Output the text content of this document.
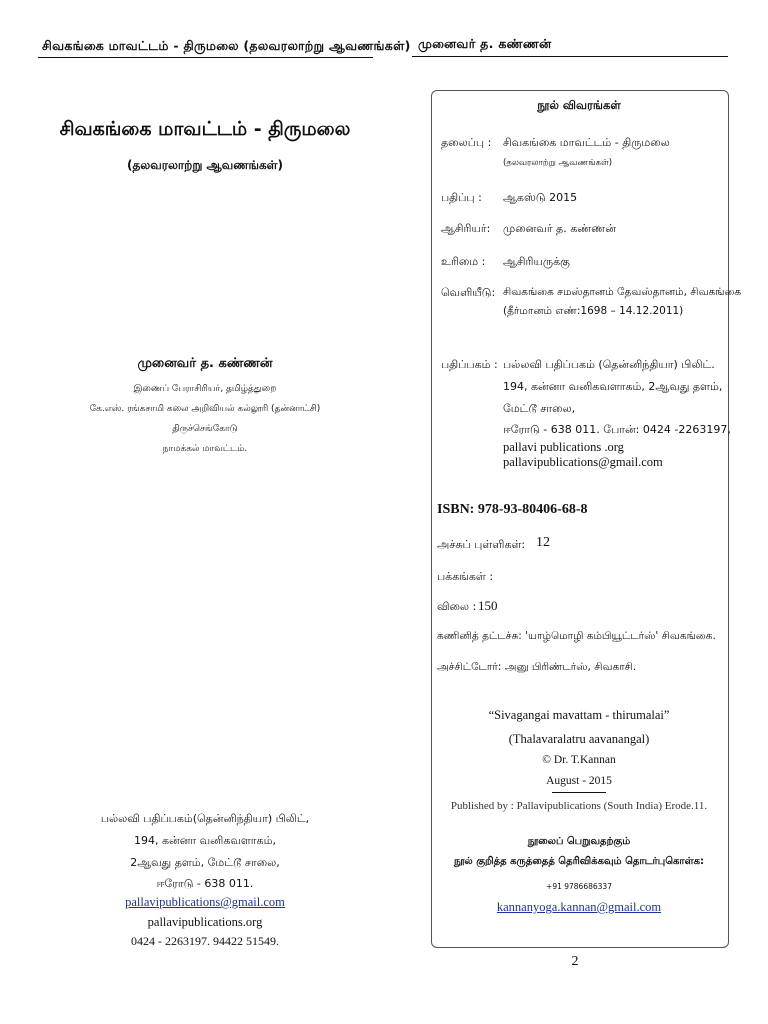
சிவகங்கை மாவட்டம் - திருமலை (தலவரலாற்று ஆவணங்கள்)
சிவகங்கை மாவட்டம் - திருமலை
(தலவரலாற்று ஆவணங்கள்)
முனைவர் த. கண்ணன்
இணைப் பேராசிரியர், தமிழ்த்துறை
கே.எஸ். ரங்கசாமி கலை அறிவியல் கல்லூரி (தன்னாட்சி)
திருச்செங்கோடு
நாமக்கல் மாவட்டம்.
பல்லவி பதிப்பகம்(தென்னிந்தியா) பிலிட்,
194, கன்னா வனிகவளாகம்,
2ஆவது தளம், மேட்டூ சாலை,
ஈரோடு - 638 011.
pallavipublications@gmail.com
pallavipublications.org
0424 - 2263197. 94422 51549.
முனைவர் த. கண்ணன்
நூல் விவரங்கள்
தலைப்பு : சிவகங்கை மாவட்டம் - திருமலை
(தலவரலாற்று ஆவணங்கள்)
பதிப்பு : ஆகஸ்டு 2015
ஆசிரியர்: முனைவர் த. கண்ணன்
உரிமை : ஆசிரியருக்கு
வெளியீடு: சிவகங்கை சமஸ்தானம் தேவஸ்தானம், சிவகங்கை
(தீர்மானம் எண்:1698 – 14.12.2011)
பதிப்பகம் : பல்லவி பதிப்பகம் (தென்னிந்தியா) பிலிட்.
194, கன்னா வனிகவளாகம், 2ஆவது தளம்,
மேட்டூ சாலை,
ஈரோடு - 638 011. போன்: 0424 -2263197,
pallavi publications .org
pallavipublications@gmail.com
ISBN: 978-93-80406-68-8
அச்சுப் புள்ளிகள்: 12
பக்கங்கள் :
விலை : 150
கணினித் தட்டச்சு: 'யாழ்மொழி கம்பியூட்டர்ஸ்' சிவகங்கை.
அச்சிட்டோர்: அனு பிரிண்டர்ஸ், சிவகாசி.
“Sivagangai mavattam - thirumalai”
(Thalavaralatru aavanangal)
© Dr. T.Kannan
August - 2015
Published by : Pallavipublications (South India) Erode.11.
நூலைப் பெறுவதற்கும்
நூல் குறித்த கருத்தைத் தெரிவிக்கவும் தொடர்புகொள்க:
+91 9786686337
kannanyoga.kannan@gmail.com
2
